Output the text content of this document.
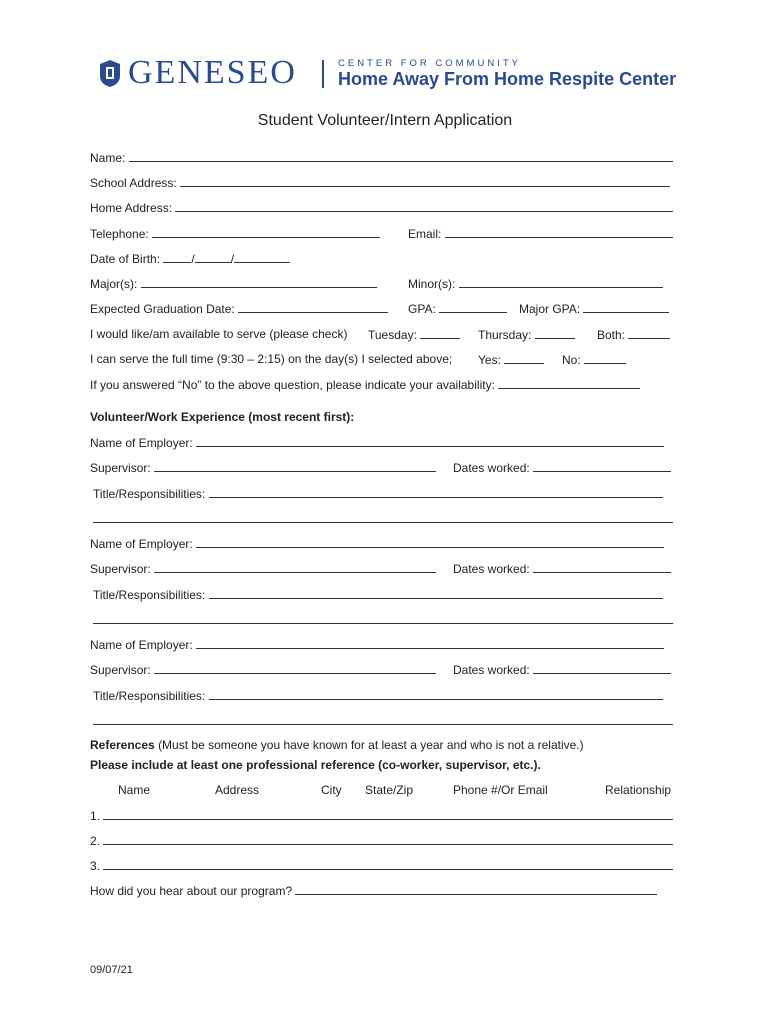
GENESEO	CENTER FOR COMMUNITY
Home Away From Home Respite Center
Student Volunteer/Intern Application
Name:
School Address:
Home Address:
Telephone:	Email:
Date of Birth:	/	/
Major(s):	Minor(s):
Expected Graduation Date:	GPA:	Major GPA:
I would like/am available to serve (please check) Tuesday:	Thursday:	Both:
I can serve the full time (9:30 – 2:15) on the day(s) I selected above; Yes:	No:
If you answered “No” to the above question, please indicate your availability:
Volunteer/Work Experience (most recent first):
Name of Employer:
Supervisor:	Dates worked:
Title/Responsibilities:
Name of Employer:
Supervisor:	Dates worked:
Title/Responsibilities:
Name of Employer:
Supervisor:	Dates worked:
Title/Responsibilities:
References (Must be someone you have known for at least a year and who is not a relative.)
Please include at least one professional reference (co-worker, supervisor, etc.).
Name	Address	City State/Zip	Phone #/Or Email	Relationship
1.
2.
3.
How did you hear about our program?
09/07/21
